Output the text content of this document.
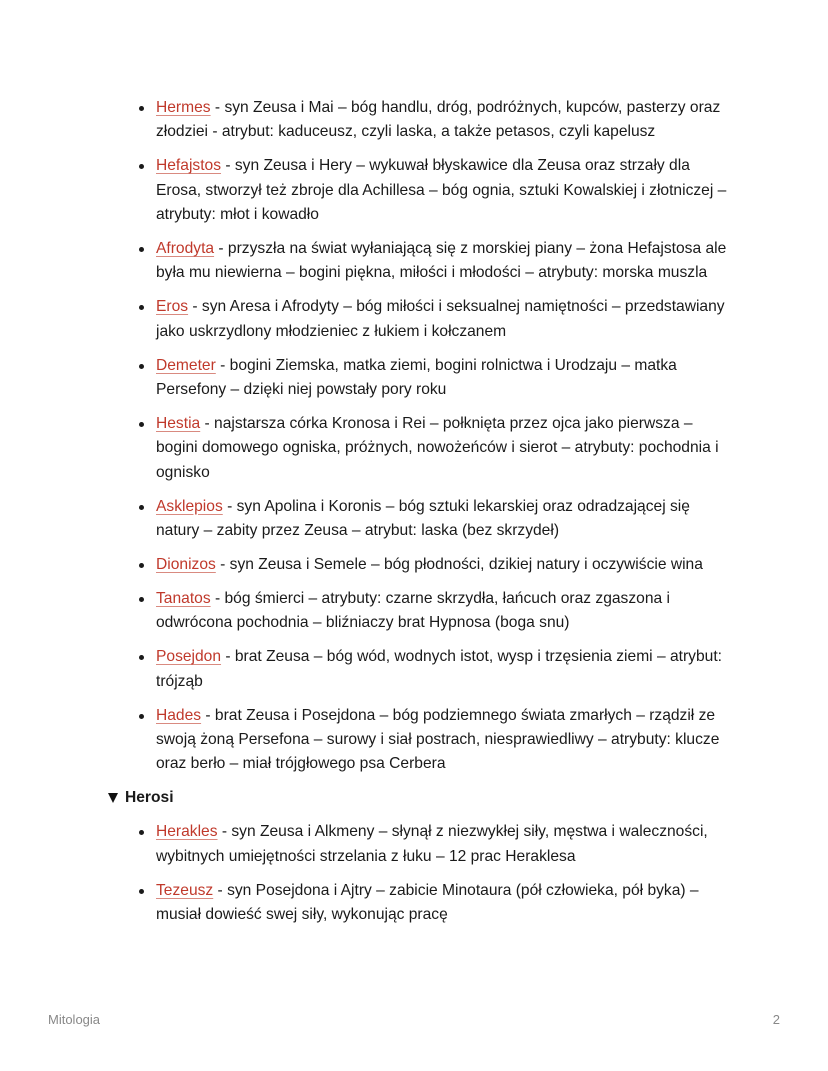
Hermes - syn Zeusa i Mai – bóg handlu, dróg, podróżnych, kupców, pasterzy oraz złodziei - atrybut: kaduceusz, czyli laska, a także petasos, czyli kapelusz
Hefajstos - syn Zeusa i Hery – wykuwał błyskawice dla Zeusa oraz strzały dla Erosa, stworzył też zbroje dla Achillesa – bóg ognia, sztuki Kowalskiej i złotniczej – atrybuty: młot i kowadło
Afrodyta - przyszła na świat wyłaniającą się z morskiej piany – żona Hefajstosa ale była mu niewierna – bogini piękna, miłości i młodości – atrybuty: morska muszla
Eros - syn Aresa i Afrodyty – bóg miłości i seksualnej namiętności – przedstawiany jako uskrzydlony młodzieniec z łukiem i kołczanem
Demeter - bogini Ziemska, matka ziemi, bogini rolnictwa i Urodzaju – matka Persefony – dzięki niej powstały pory roku
Hestia - najstarsza córka Kronosa i Rei – połknięta przez ojca jako pierwsza – bogini domowego ogniska, próżnych, nowożeńców i sierot – atrybuty: pochodnia i ognisko
Asklepios - syn Apolina i Koronis – bóg sztuki lekarskiej oraz odradzającej się natury – zabity przez Zeusa – atrybut: laska (bez skrzydeł)
Dionizos - syn Zeusa i Semele – bóg płodności, dzikiej natury i oczywiście wina
Tanatos - bóg śmierci – atrybuty: czarne skrzydła, łańcuch oraz zgaszona i odwrócona pochodnia – bliźniaczy brat Hypnosa (boga snu)
Posejdon - brat Zeusa – bóg wód, wodnych istot, wysp i trzęsienia ziemi – atrybut: trójząb
Hades - brat Zeusa i Posejdona – bóg podziemnego świata zmarłych – rządził ze swoją żoną Persefona – surowy i siał postrach, niesprawiedliwy – atrybuty: klucze oraz berło – miał trójgłowego psa Cerbera
Herosi
Herakles - syn Zeusa i Alkmeny – słynął z niezwykłej siły, męstwa i waleczności, wybitnych umiejętności strzelania z łuku – 12 prac Heraklesa
Tezeusz - syn Posejdona i Ajtry – zabicie Minotaura (pół człowieka, pół byka) – musiał dowieść swej siły, wykonując pracę
Mitologia	2
